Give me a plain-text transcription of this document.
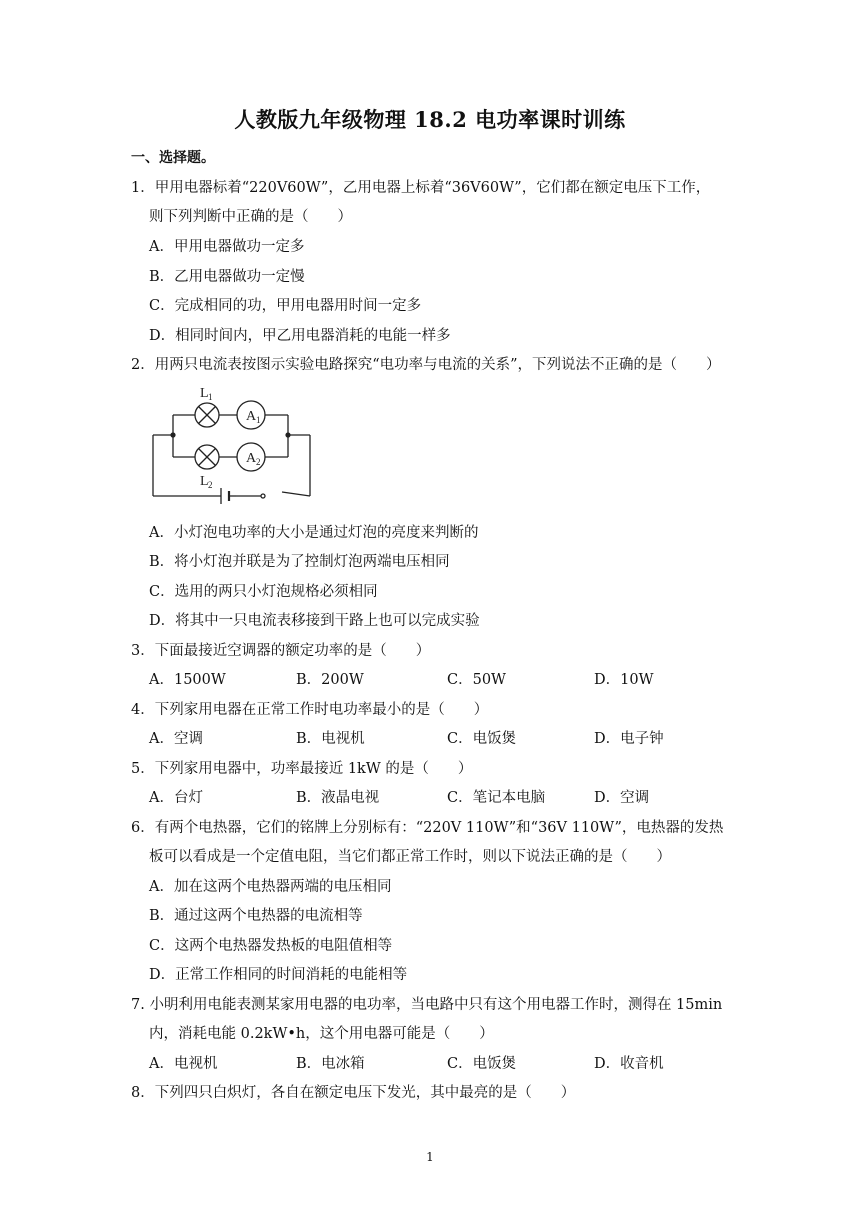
人教版九年级物理 18.2 电功率课时训练
一、选择题。
1．甲用电器标着“220V60W”，乙用电器上标着“36V60W”，它们都在额定电压下工作，
则下列判断中正确的是（　　）
A．甲用电器做功一定多
B．乙用电器做功一定慢
C．完成相同的功，甲用电器用时间一定多
D．相同时间内，甲乙用电器消耗的电能一样多
2．用两只电流表按图示实验电路探究“电功率与电流的关系”，下列说法不正确的是（　　）
A 1
A 2
L 1
L 2
A．小灯泡电功率的大小是通过灯泡的亮度来判断的
B．将小灯泡并联是为了控制灯泡两端电压相同
C．选用的两只小灯泡规格必须相同
D．将其中一只电流表移接到干路上也可以完成实验
3．下面最接近空调器的额定功率的是（　　）
A．1500W	B．200W	C．50W	D．10W
4．下列家用电器在正常工作时电功率最小的是（　　）
A．空调	B．电视机	C．电饭煲	D．电子钟
5．下列家用电器中，功率最接近 1kW 的是（　　）
A．台灯	B．液晶电视	C．笔记本电脑	D．空调
6．有两个电热器，它们的铭牌上分别标有：“220V 110W”和“36V 110W”，电热器的发热
板可以看成是一个定值电阻，当它们都正常工作时，则以下说法正确的是（　　）
A．加在这两个电热器两端的电压相同
B．通过这两个电热器的电流相等
C．这两个电热器发热板的电阻值相等
D．正常工作相同的时间消耗的电能相等
7. 小明利用电能表测某家用电器的电功率，当电路中只有这个用电器工作时，测得在 15min
内，消耗电能 0.2kW•h，这个用电器可能是（　　）
A．电视机	B．电冰箱	C．电饭煲	D．收音机
8．下列四只白炽灯，各自在额定电压下发光，其中最亮的是（　　）
1
